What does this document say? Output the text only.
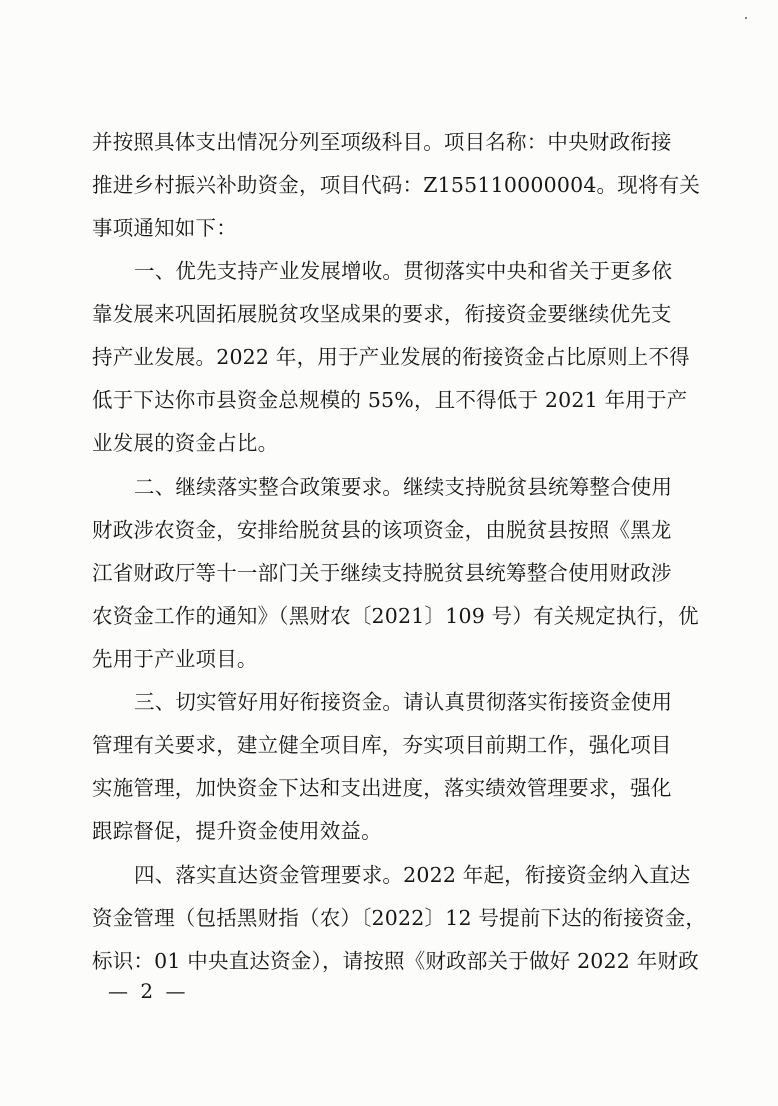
并按照具体支出情况分列至项级科目。项目名称：中央财政衔接
推进乡村振兴补助资金，项目代码：Z155110000004。现将有关
事项通知如下：
一、优先支持产业发展增收。贯彻落实中央和省关于更多依
靠发展来巩固拓展脱贫攻坚成果的要求，衔接资金要继续优先支
持产业发展。2022 年，用于产业发展的衔接资金占比原则上不得
低于下达你市县资金总规模的 55%，且不得低于 2021 年用于产
业发展的资金占比。
二、继续落实整合政策要求。继续支持脱贫县统筹整合使用
财政涉农资金，安排给脱贫县的该项资金，由脱贫县按照《黑龙
江省财政厅等十一部门关于继续支持脱贫县统筹整合使用财政涉
农资金工作的通知》（黑财农〔2021〕109 号）有关规定执行，优
先用于产业项目。
三、切实管好用好衔接资金。请认真贯彻落实衔接资金使用
管理有关要求，建立健全项目库，夯实项目前期工作，强化项目
实施管理，加快资金下达和支出进度，落实绩效管理要求，强化
跟踪督促，提升资金使用效益。
四、落实直达资金管理要求。2022 年起，衔接资金纳入直达
资金管理（包括黑财指（农）〔2022〕12 号提前下达的衔接资金，
标识：01 中央直达资金），请按照《财政部关于做好 2022 年财政
— 2 —
